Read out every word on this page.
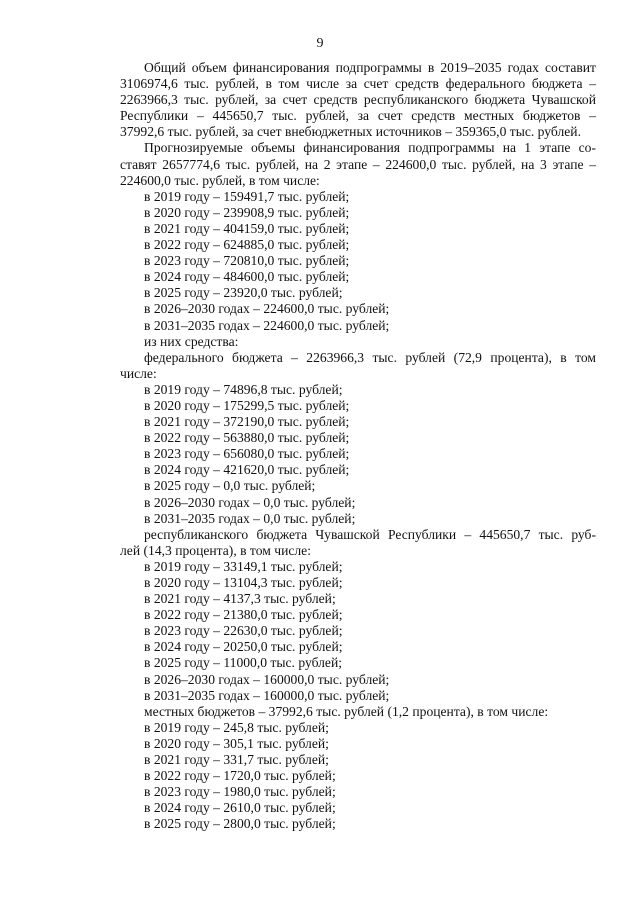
9
Общий объем финансирования подпрограммы в 2019–2035 годах составит
3106974,6 тыс. рублей, в том числе за счет средств федерального бюджета –
2263966,3 тыс. рублей, за счет средств республиканского бюджета Чувашской
Республики – 445650,7 тыс. рублей, за счет средств местных бюджетов –
37992,6 тыс. рублей, за счет внебюджетных источников – 359365,0 тыс. рублей.
Прогнозируемые объемы финансирования подпрограммы на 1 этапе со-
ставят 2657774,6 тыс. рублей, на 2 этапе – 224600,0 тыс. рублей, на 3 этапе –
224600,0 тыс. рублей, в том числе:
в 2019 году – 159491,7 тыс. рублей;
в 2020 году – 239908,9 тыс. рублей;
в 2021 году – 404159,0 тыс. рублей;
в 2022 году – 624885,0 тыс. рублей;
в 2023 году – 720810,0 тыс. рублей;
в 2024 году – 484600,0 тыс. рублей;
в 2025 году – 23920,0 тыс. рублей;
в 2026–2030 годах – 224600,0 тыс. рублей;
в 2031–2035 годах – 224600,0 тыс. рублей;
из них средства:
федерального бюджета – 2263966,3 тыс. рублей (72,9 процента), в том
числе:
в 2019 году – 74896,8 тыс. рублей;
в 2020 году – 175299,5 тыс. рублей;
в 2021 году – 372190,0 тыс. рублей;
в 2022 году – 563880,0 тыс. рублей;
в 2023 году – 656080,0 тыс. рублей;
в 2024 году – 421620,0 тыс. рублей;
в 2025 году – 0,0 тыс. рублей;
в 2026–2030 годах – 0,0 тыс. рублей;
в 2031–2035 годах – 0,0 тыс. рублей;
республиканского бюджета Чувашской Республики – 445650,7 тыс. руб-
лей (14,3 процента), в том числе:
в 2019 году – 33149,1 тыс. рублей;
в 2020 году – 13104,3 тыс. рублей;
в 2021 году – 4137,3 тыс. рублей;
в 2022 году – 21380,0 тыс. рублей;
в 2023 году – 22630,0 тыс. рублей;
в 2024 году – 20250,0 тыс. рублей;
в 2025 году – 11000,0 тыс. рублей;
в 2026–2030 годах – 160000,0 тыс. рублей;
в 2031–2035 годах – 160000,0 тыс. рублей;
местных бюджетов – 37992,6 тыс. рублей (1,2 процента), в том числе:
в 2019 году – 245,8 тыс. рублей;
в 2020 году – 305,1 тыс. рублей;
в 2021 году – 331,7 тыс. рублей;
в 2022 году – 1720,0 тыс. рублей;
в 2023 году – 1980,0 тыс. рублей;
в 2024 году – 2610,0 тыс. рублей;
в 2025 году – 2800,0 тыс. рублей;
